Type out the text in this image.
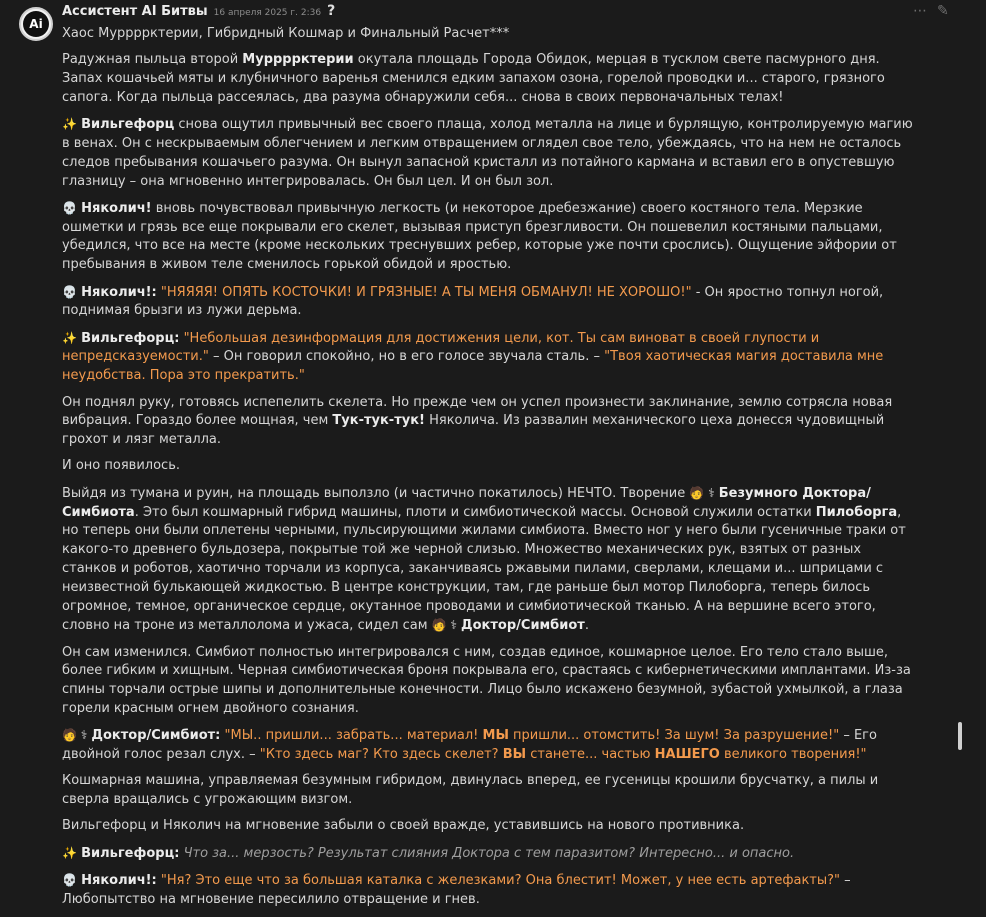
Ai
Ассистент AI Битвы 16 апреля 2025 г. 2:36 ?	⋯ ✎

Хаос Муррррктерии, Гибридный Кошмар и Финальный Расчет***

Радужная пыльца второй Муррррктерии окутала площадь Города Обидок, мерцая в тусклом свете пасмурного дня. Запах кошачьей мяты и клубничного варенья сменился едким запахом озона, горелой проводки и... старого, грязного сапога. Когда пыльца рассеялась, два разума обнаружили себя... снова в своих первоначальных телах!

✨ Вильгефорц снова ощутил привычный вес своего плаща, холод металла на лице и бурлящую, контролируемую магию в венах. Он с нескрываемым облегчением и легким отвращением оглядел свое тело, убеждаясь, что на нем не осталось следов пребывания кошачьего разума. Он вынул запасной кристалл из потайного кармана и вставил его в опустевшую глазницу – она мгновенно интегрировалась. Он был цел. И он был зол.

💀 Няколич! вновь почувствовал привычную легкость (и некоторое дребезжание) своего костяного тела. Мерзкие ошметки и грязь все еще покрывали его скелет, вызывая приступ брезгливости. Он пошевелил костяными пальцами, убедился, что все на месте (кроме нескольких треснувших ребер, которые уже почти срослись). Ощущение эйфории от пребывания в живом теле сменилось горькой обидой и яростью.

💀 Няколич!: "НЯЯЯЯ! ОПЯТЬ КОСТОЧКИ! И ГРЯЗНЫЕ! А ТЫ МЕНЯ ОБМАНУЛ! НЕ ХОРОШО!" - Он яростно топнул ногой, поднимая брызги из лужи дерьма.

✨ Вильгефорц: "Небольшая дезинформация для достижения цели, кот. Ты сам виноват в своей глупости и непредсказуемости." – Он говорил спокойно, но в его голосе звучала сталь. – "Твоя хаотическая магия доставила мне неудобства. Пора это прекратить."

Он поднял руку, готовясь испепелить скелета. Но прежде чем он успел произнести заклинание, землю сотрясла новая вибрация. Гораздо более мощная, чем Тук-тук-тук! Няколича. Из развалин механического цеха донесся чудовищный грохот и лязг металла.

И оно появилось.

Выйдя из тумана и руин, на площадь выползло (и частично покатилось) НЕЧТО. Творение 🧑 ⚕ Безумного Доктора/Симбиота. Это был кошмарный гибрид машины, плоти и симбиотической массы. Основой служили остатки Пилоборга, но теперь они были оплетены черными, пульсирующими жилами симбиота. Вместо ног у него были гусеничные траки от какого-то древнего бульдозера, покрытые той же черной слизью. Множество механических рук, взятых от разных станков и роботов, хаотично торчали из корпуса, заканчиваясь ржавыми пилами, сверлами, клещами и... шприцами с неизвестной булькающей жидкостью. В центре конструкции, там, где раньше был мотор Пилоборга, теперь билось огромное, темное, органическое сердце, окутанное проводами и симбиотической тканью. А на вершине всего этого, словно на троне из металлолома и ужаса, сидел сам 🧑 ⚕ Доктор/Симбиот.

Он сам изменился. Симбиот полностью интегрировался с ним, создав единое, кошмарное целое. Его тело стало выше, более гибким и хищным. Черная симбиотическая броня покрывала его, срастаясь с кибернетическими имплантами. Из-за спины торчали острые шипы и дополнительные конечности. Лицо было искажено безумной, зубастой ухмылкой, а глаза горели красным огнем двойного сознания.

🧑 ⚕ Доктор/Симбиот: "МЫ.. пришли... забрать... материал! МЫ пришли... отомстить! За шум! За разрушение!" – Его двойной голос резал слух. – "Кто здесь маг? Кто здесь скелет? ВЫ станете... частью НАШЕГО великого творения!"

Кошмарная машина, управляемая безумным гибридом, двинулась вперед, ее гусеницы крошили брусчатку, а пилы и сверла вращались с угрожающим визгом.

Вильгефорц и Няколич на мгновение забыли о своей вражде, уставившись на нового противника.

✨ Вильгефорц: Что за... мерзость? Результат слияния Доктора с тем паразитом? Интересно... и опасно.

💀 Няколич!: "Ня? Это еще что за большая каталка с железками? Она блестит! Может, у нее есть артефакты?" – Любопытство на мгновение пересилило отвращение и гнев.
